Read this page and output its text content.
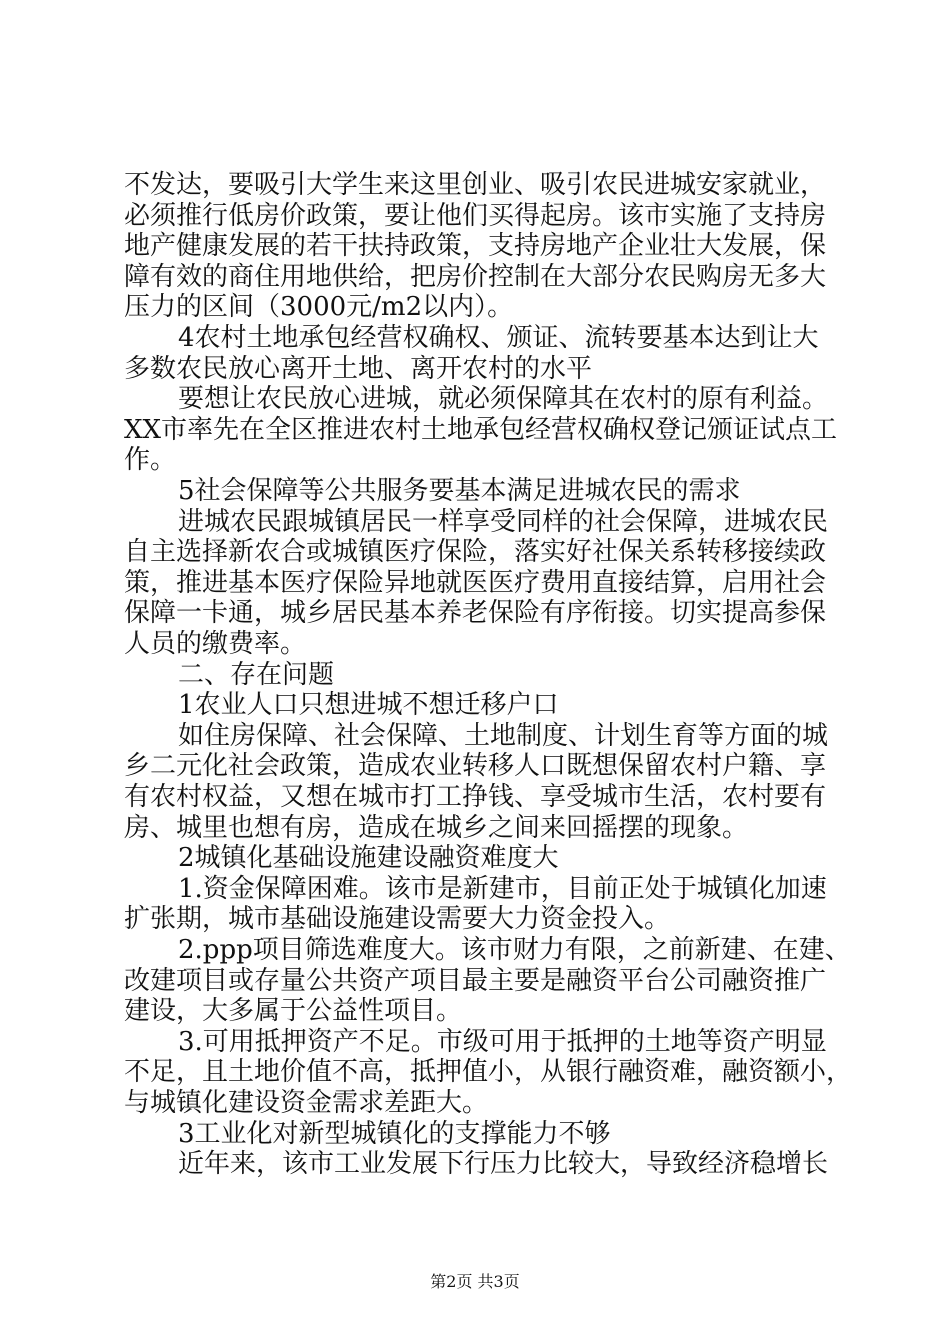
不发达，要吸引大学生来这里创业、吸引农民进城安家就业，
必须推行低房价政策，要让他们买得起房。该市实施了支持房
地产健康发展的若干扶持政策，支持房地产企业壮大发展，保
障有效的商住用地供给，把房价控制在大部分农民购房无多大
压力的区间（3000元/m2以内）。
4农村土地承包经营权确权、颁证、流转要基本达到让大
多数农民放心离开土地、离开农村的水平
要想让农民放心进城，就必须保障其在农村的原有利益。
XX市率先在全区推进农村土地承包经营权确权登记颁证试点工
作。
5社会保障等公共服务要基本满足进城农民的需求
进城农民跟城镇居民一样享受同样的社会保障，进城农民
自主选择新农合或城镇医疗保险，落实好社保关系转移接续政
策，推进基本医疗保险异地就医医疗费用直接结算，启用社会
保障一卡通，城乡居民基本养老保险有序衔接。切实提高参保
人员的缴费率。
二、存在问题
1农业人口只想进城不想迁移户口
如住房保障、社会保障、土地制度、计划生育等方面的城
乡二元化社会政策，造成农业转移人口既想保留农村户籍、享
有农村权益，又想在城市打工挣钱、享受城市生活，农村要有
房、城里也想有房，造成在城乡之间来回摇摆的现象。
2城镇化基础设施建设融资难度大
1.资金保障困难。该市是新建市，目前正处于城镇化加速
扩张期，城市基础设施建设需要大力资金投入。
2.ppp项目筛选难度大。该市财力有限，之前新建、在建、
改建项目或存量公共资产项目最主要是融资平台公司融资推广
建设，大多属于公益性项目。
3.可用抵押资产不足。市级可用于抵押的土地等资产明显
不足，且土地价值不高，抵押值小，从银行融资难，融资额小，
与城镇化建设资金需求差距大。
3工业化对新型城镇化的支撑能力不够
近年来，该市工业发展下行压力比较大，导致经济稳增长
第2页 共3页
